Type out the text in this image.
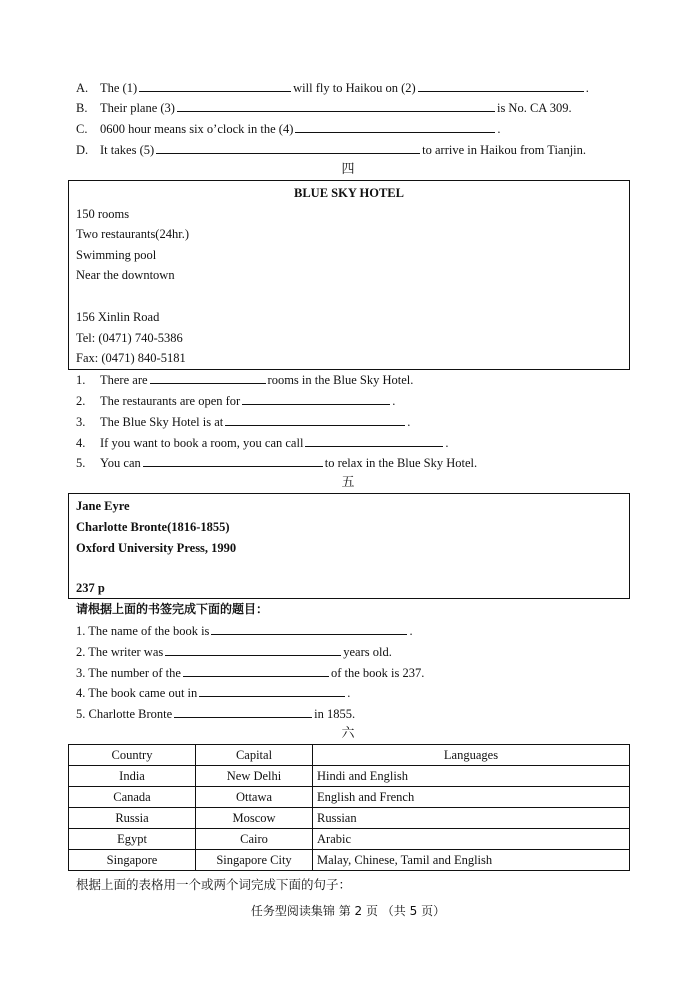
A. The (1)	will fly to Haikou on (2)	.
B. Their plane (3)	is No. CA 309.
C. 0600 hour means six o’clock in the (4)	.
D. It takes (5)	to arrive in Haikou from Tianjin.
四
BLUE SKY HOTEL
150 rooms
Two restaurants(24hr.)
Swimming pool
Near the downtown
156 Xinlin Road
Tel: (0471) 740-5386
Fax: (0471) 840-5181
1. There are	rooms in the Blue Sky Hotel.
2. The restaurants are open for	.
3. The Blue Sky Hotel is at	.
4. If you want to book a room, you can call	.
5. You can	to relax in the Blue Sky Hotel.
五
Jane Eyre
Charlotte Bronte(1816-1855)
Oxford University Press, 1990
237 p
请根据上面的书签完成下面的题目：
1. The name of the book is	.
2. The writer was	years old.
3. The number of the	of the book is 237.
4. The book came out in	.
5. Charlotte Bronte	in 1855.
六
Country	Capital	Languages
India	New Delhi	Hindi and English
Canada	Ottawa	English and French
Russia	Moscow	Russian
Egypt	Cairo	Arabic
Singapore	Singapore City	Malay, Chinese, Tamil and English
根据上面的表格用一个或两个词完成下面的句子：
任务型阅读集锦 第 2 页 （共 5 页）
